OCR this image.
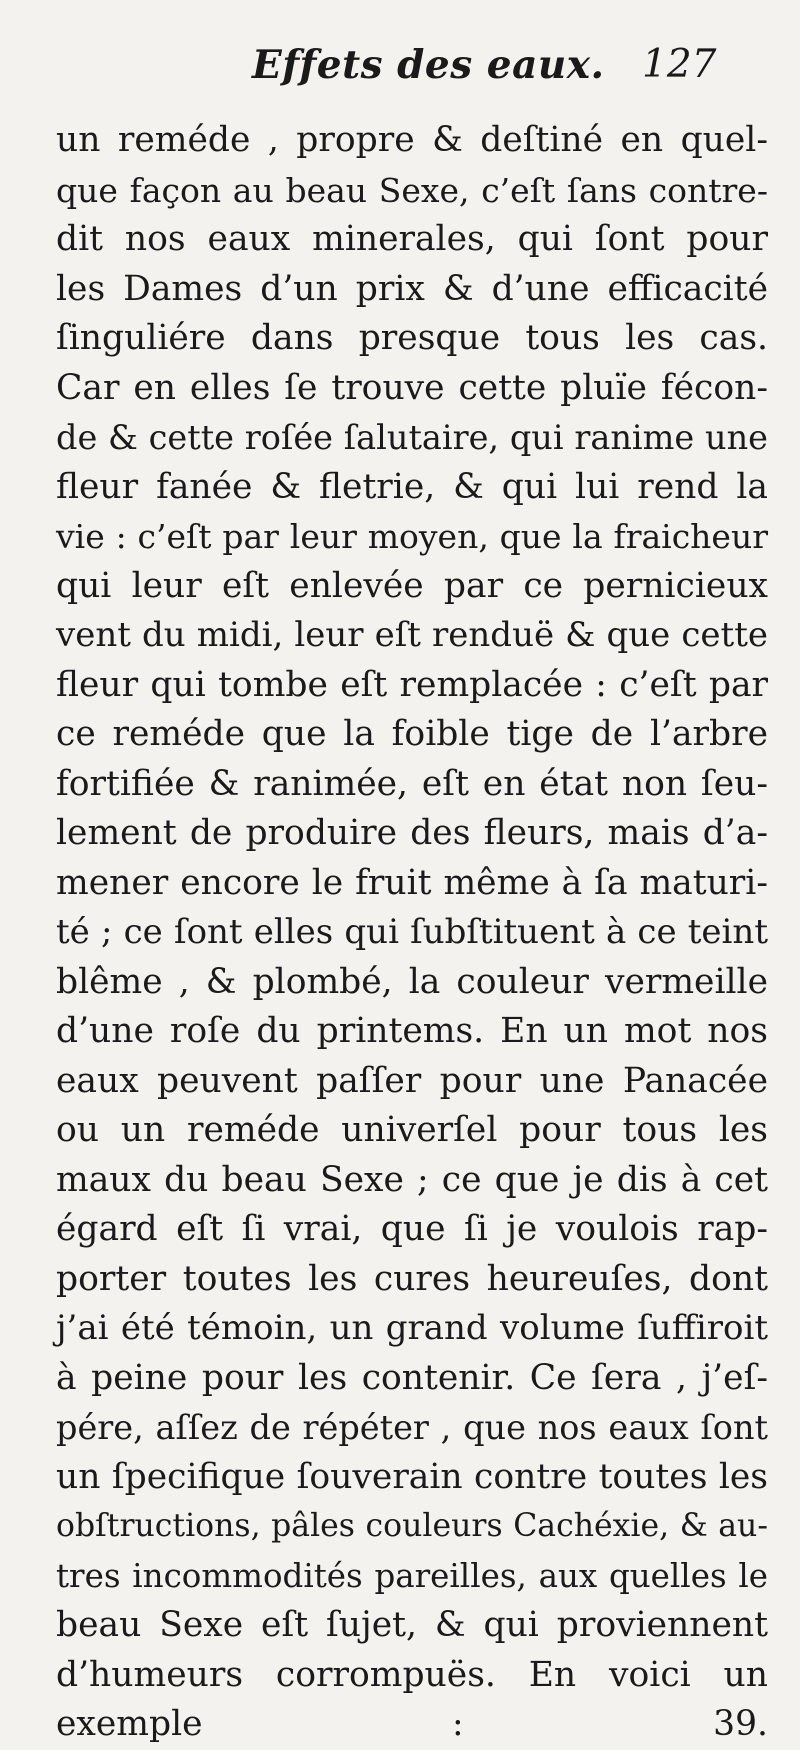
Effets des eaux. 127
un reméde , propre & deſtiné en quel-
que façon au beau Sexe, c’eſt ſans contre-
dit nos eaux minerales, qui ſont pour
les Dames d’un prix & d’une efficacité
ſinguliére dans presque tous les cas.
Car en elles ſe trouve cette pluïe fécon-
de & cette roſée ſalutaire, qui ranime une
fleur fanée & fletrie, & qui lui rend la
vie : c’eſt par leur moyen, que la fraicheur
qui leur eſt enlevée par ce pernicieux
vent du midi, leur eſt renduë & que cette
fleur qui tombe eſt remplacée : c’eſt par
ce reméde que la foible tige de l’arbre
fortifiée & ranimée, eſt en état non ſeu-
lement de produire des fleurs, mais d’a-
mener encore le fruit même à ſa maturi-
té ; ce ſont elles qui ſubſtituent à ce teint
blême , & plombé, la couleur vermeille
d’une roſe du printems. En un mot nos
eaux peuvent paſſer pour une Panacée
ou un reméde univerſel pour tous les
maux du beau Sexe ; ce que je dis à cet
égard eſt ſi vrai, que ſi je voulois rap-
porter toutes les cures heureuſes, dont
j’ai été témoin, un grand volume ſuffiroit
à peine pour les contenir. Ce ſera , j’eſ-
pére, aſſez de répéter , que nos eaux ſont
un ſpecifique ſouverain contre toutes les
obſtructions, pâles couleurs Cachéxie, & au-
tres incommodités pareilles, aux quelles le
beau Sexe eſt ſujet, & qui proviennent
d’humeurs corrompuës. En voici un
exemple : 39.
